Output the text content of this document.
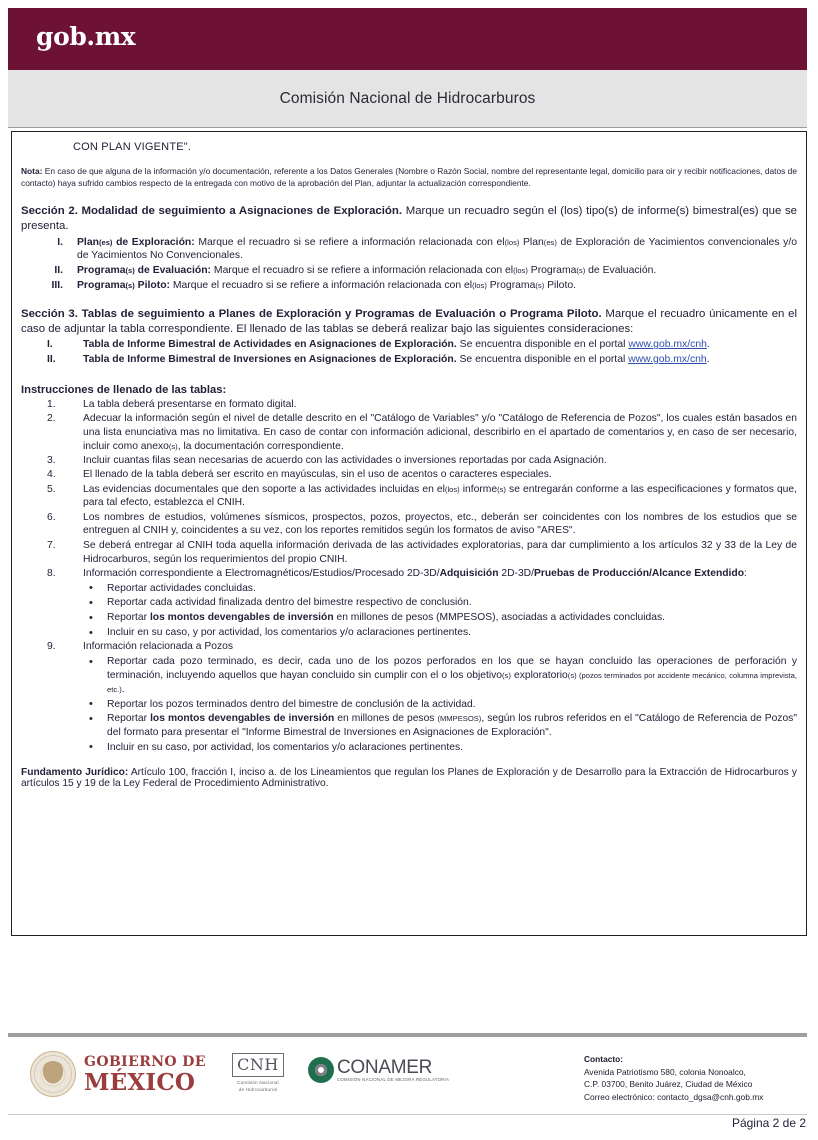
gob.mx
Comisión Nacional de Hidrocarburos
CON PLAN VIGENTE".

Nota: En caso de que alguna de la información y/o documentación, referente a los Datos Generales (Nombre o Razón Social, nombre del representante legal, domicilio para oir y recibir notificaciones, datos de contacto) haya sufrido cambios respecto de la entregada con motivo de la aprobación del Plan, adjuntar la actualización correspondiente.

Sección 2. Modalidad de seguimiento a Asignaciones de Exploración. Marque un recuadro según el (los) tipo(s) de informe(s) bimestral(es) que se presenta.

I. Plan(es) de Exploración: Marque el recuadro si se refiere a información relacionada con el(los) Plan(es) de Exploración de Yacimientos convencionales y/o de Yacimientos No Convencionales.
II. Programa(s) de Evaluación: Marque el recuadro si se refiere a información relacionada con el(los) Programa(s) de Evaluación.
III. Programa(s) Piloto: Marque el recuadro si se refiere a información relacionada con el(los) Programa(s) Piloto.

Sección 3. Tablas de seguimiento a Planes de Exploración y Programas de Evaluación o Programa Piloto. Marque el recuadro únicamente en el caso de adjuntar la tabla correspondiente. El llenado de las tablas se deberá realizar bajo las siguientes consideraciones:

I.	Tabla de Informe Bimestral de Actividades en Asignaciones de Exploración. Se encuentra disponible en el portal www.gob.mx/cnh.
II.	Tabla de Informe Bimestral de Inversiones en Asignaciones de Exploración. Se encuentra disponible en el portal www.gob.mx/cnh.
Instrucciones de llenado de las tablas:
1.	La tabla deberá presentarse en formato digital.
2.	Adecuar la información según el nivel de detalle descrito en el "Catálogo de Variables" y/o "Catálogo de Referencia de Pozos", los cuales están basados en una lista enunciativa mas no limitativa. En caso de contar con información adicional, describirlo en el apartado de comentarios y, en caso de ser necesario, incluir como anexo(s), la documentación correspondiente.
3.	Incluir cuantas filas sean necesarias de acuerdo con las actividades o inversiones reportadas por cada Asignación.
4.	El llenado de la tabla deberá ser escrito en mayúsculas, sin el uso de acentos o caracteres especiales.
5.	Las evidencias documentales que den soporte a las actividades incluidas en el(los) informe(s) se entregarán conforme a las especificaciones y formatos que, para tal efecto, establezca el CNIH.
6.	Los nombres de estudios, volúmenes sísmicos, prospectos, pozos, proyectos, etc., deberán ser coincidentes con los nombres de los estudios que se entreguen al CNIH y, coincidentes a su vez, con los reportes remitidos según los formatos de aviso "ARES".
7.	Se deberá entregar al CNIH toda aquella información derivada de las actividades exploratorias, para dar cumplimiento a los artículos 32 y 33 de la Ley de Hidrocarburos, según los requerimientos del propio CNIH.
8.	Información correspondiente a Electromagnéticos/Estudios/Procesado 2D-3D/Adquisición 2D-3D/Pruebas de Producción/Alcance Extendido:
• Reportar actividades concluidas.
• Reportar cada actividad finalizada dentro del bimestre respectivo de conclusión.
• Reportar los montos devengables de inversión en millones de pesos (MMPESOS), asociadas a actividades concluidas.
• Incluir en su caso, y por actividad, los comentarios y/o aclaraciones pertinentes.
9.	Información relacionada a Pozos
• Reportar cada pozo terminado, es decir, cada uno de los pozos perforados en los que se hayan concluido las operaciones de perforación y terminación, incluyendo aquellos que hayan concluido sin cumplir con el o los objetivo(s) exploratorio(s) (pozos terminados por accidente mecánico, columna imprevista, etc.).
• Reportar los pozos terminados dentro del bimestre de conclusión de la actividad.
• Reportar los montos devengables de inversión en millones de pesos (MMPESOS), según los rubros referidos en el "Catálogo de Referencia de Pozos" del formato para presentar el "Informe Bimestral de Inversiones en Asignaciones de Exploración".
• Incluir en su caso, por actividad, los comentarios y/o aclaraciones pertinentes.

Fundamento Jurídico: Artículo 100, fracción I, inciso a. de los Lineamientos que regulan los Planes de Exploración y de Desarrollo para la Extracción de Hidrocarburos y artículos 15 y 19 de la Ley Federal de Procedimiento Administrativo.

GOBIERNO DE
MÉXICO
CNH
Comisión Nacional
de Hidrocarburos
CONAMER
COMISIÓN NACIONAL DE MEJORA REGULATORIA
Contacto:
Avenida Patriotismo 580, colonia Nonoalco,
C.P. 03700, Benito Juárez, Ciudad de México
Correo electrónico: contacto_dgsa@cnh.gob.mx
Página 2 de 2
